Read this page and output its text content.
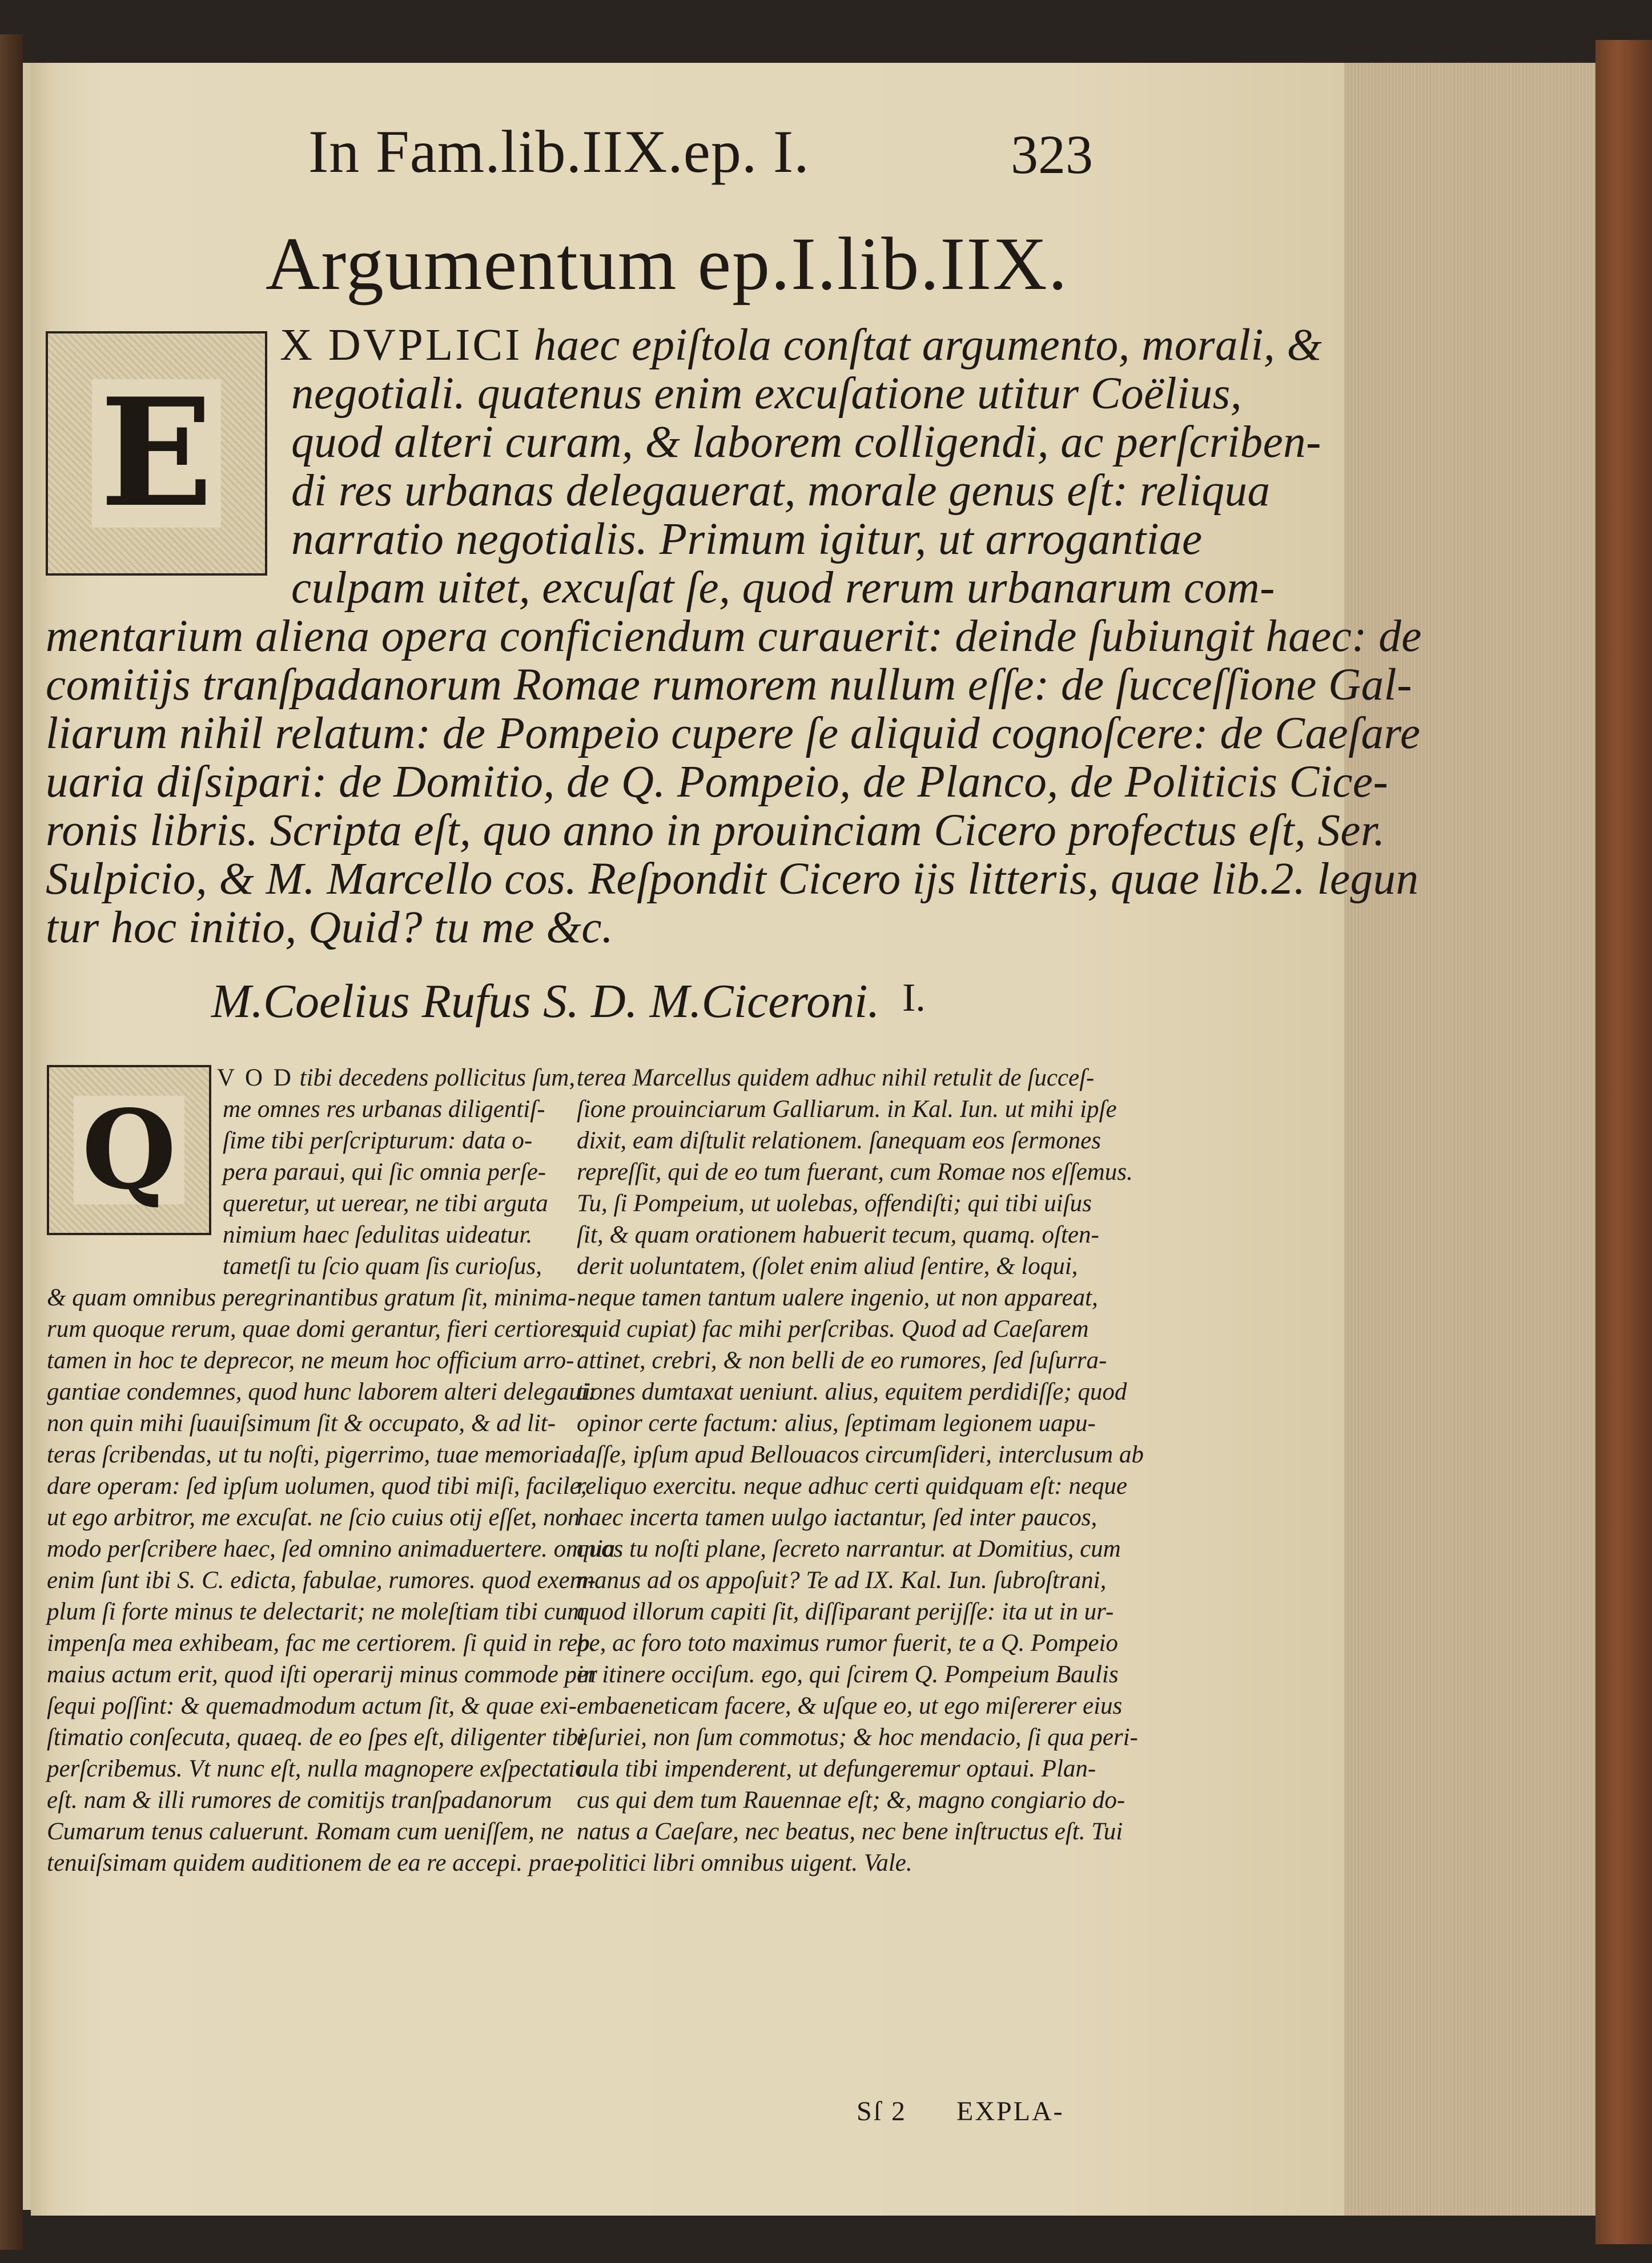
In Fam.lib.IIX.ep. I.	323
Argumentum ep.I.lib.IIX.
E
X DVPLICI haec epiſtola conſtat argumento, morali, &
negotiali. quatenus enim excuſatione utitur Coëlius,
quod alteri curam, & laborem colligendi, ac perſcriben-
di res urbanas delegauerat, morale genus eſt: reliqua
narratio negotialis. Primum igitur, ut arrogantiae
culpam uitet, excuſat ſe, quod rerum urbanarum com-
mentarium aliena opera conficiendum curauerit: deinde ſubiungit haec: de
comitijs tranſpadanorum Romae rumorem nullum eſſe: de ſucceſſione Gal-
liarum nihil relatum: de Pompeio cupere ſe aliquid cognoſcere: de Caeſare
uaria diſsipari: de Domitio, de Q. Pompeio, de Planco, de Politicis Cice-
ronis libris. Scripta eſt, quo anno in prouinciam Cicero profectus eſt, Ser.
Sulpicio, & M. Marcello cos. Reſpondit Cicero ijs litteris, quae lib.2. legun
tur hoc initio, Quid? tu me &c.
M.Coelius Rufus S. D. M.Ciceroni. I.
Q
V O D tibi decedens pollicitus ſum,
me omnes res urbanas diligentiſ-
ſime tibi perſcripturum: data o-
pera paraui, qui ſic omnia perſe-
queretur, ut uerear, ne tibi arguta
nimium haec ſedulitas uideatur.
tametſi tu ſcio quam ſis curioſus,
& quam omnibus peregrinantibus gratum ſit, minima-
rum quoque rerum, quae domi gerantur, fieri certiores.
tamen in hoc te deprecor, ne meum hoc officium arro-
gantiae condemnes, quod hunc laborem alteri delegaui:
non quin mihi ſuauiſsimum ſit & occupato, & ad lit-
teras ſcribendas, ut tu noſti, pigerrimo, tuae memoriae
dare operam: ſed ipſum uolumen, quod tibi miſi, facile,
ut ego arbitror, me excuſat. ne ſcio cuius otij eſſet, non
modo perſcribere haec, ſed omnino animaduertere. omnia
enim ſunt ibi S. C. edicta, fabulae, rumores. quod exem-
plum ſi forte minus te delectarit; ne moleſtiam tibi cum
impenſa mea exhibeam, fac me certiorem. ſi quid in rep.
maius actum erit, quod iſti operarij minus commode per
ſequi poſſint: & quemadmodum actum ſit, & quae exi-
ſtimatio conſecuta, quaeq. de eo ſpes eſt, diligenter tibi
perſcribemus. Vt nunc eſt, nulla magnopere exſpectatio
eſt. nam & illi rumores de comitijs tranſpadanorum
Cumarum tenus caluerunt. Romam cum ueniſſem, ne
tenuiſsimam quidem auditionem de ea re accepi. prae-
terea Marcellus quidem adhuc nihil retulit de ſucceſ-
ſione prouinciarum Galliarum. in Kal. Iun. ut mihi ipſe
dixit, eam diſtulit relationem. ſanequam eos ſermones
repreſſit, qui de eo tum fuerant, cum Romae nos eſſemus.
Tu, ſi Pompeium, ut uolebas, offendiſti; qui tibi uiſus
ſit, & quam orationem habuerit tecum, quamq. oſten-
derit uoluntatem, (ſolet enim aliud ſentire, & loqui,
neque tamen tantum ualere ingenio, ut non appareat,
quid cupiat) fac mihi perſcribas. Quod ad Caeſarem
attinet, crebri, & non belli de eo rumores, ſed ſuſurra-
tiones dumtaxat ueniunt. alius, equitem perdidiſſe; quod
opinor certe factum: alius, ſeptimam legionem uapu-
laſſe, ipſum apud Bellouacos circumſideri, interclusum ab
reliquo exercitu. neque adhuc certi quidquam eſt: neque
haec incerta tamen uulgo iactantur, ſed inter paucos,
quos tu noſti plane, ſecreto narrantur. at Domitius, cum
manus ad os appoſuit? Te ad IX. Kal. Iun. ſubroſtrani,
quod illorum capiti ſit, diſſiparant perijſſe: ita ut in ur-
be, ac foro toto maximus rumor fuerit, te a Q. Pompeio
in itinere occiſum. ego, qui ſcirem Q. Pompeium Baulis
embaeneticam facere, & uſque eo, ut ego miſererer eius
eſuriei, non ſum commotus; & hoc mendacio, ſi qua peri-
cula tibi impenderent, ut defungeremur optaui. Plan-
cus qui dem tum Rauennae eſt; &, magno congiario do-
natus a Caeſare, nec beatus, nec bene inſtructus eſt. Tui
politici libri omnibus uigent. Vale.
Sſ 2 EXPLA-
